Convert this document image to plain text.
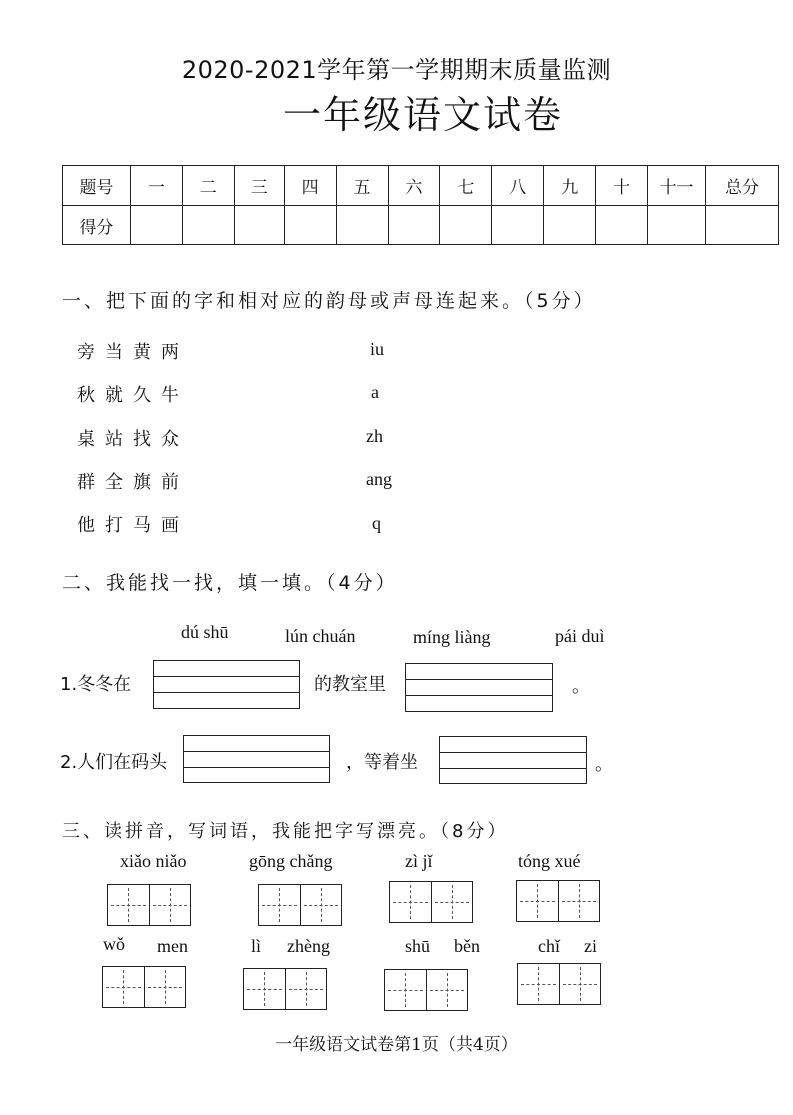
2020-2021学年第一学期期末质量监测
一年级语文试卷
题号	一	二	三	四	五	六	七	八	九	十	十一	总分
得分												
一、把下面的字和相对应的韵母或声母连起来。（5分）
旁当黄两	iu
秋就久牛	a
桌站找众	zh
群全旗前	ang
他打马画	q
二、我能找一找，填一填。（4分）
dú shū	lún chuán	míng liàng	pái duì
1.冬冬在	的教室里	。
2.人们在码头	，等着坐	。
三、读拼音，写词语，我能把字写漂亮。（8分）
xiǎo niǎo	gōng chǎng	zì jǐ	tóng xué
wǒ men	lì zhèng	shū běn	chǐ zi
一年级语文试卷第1页（共4页）
